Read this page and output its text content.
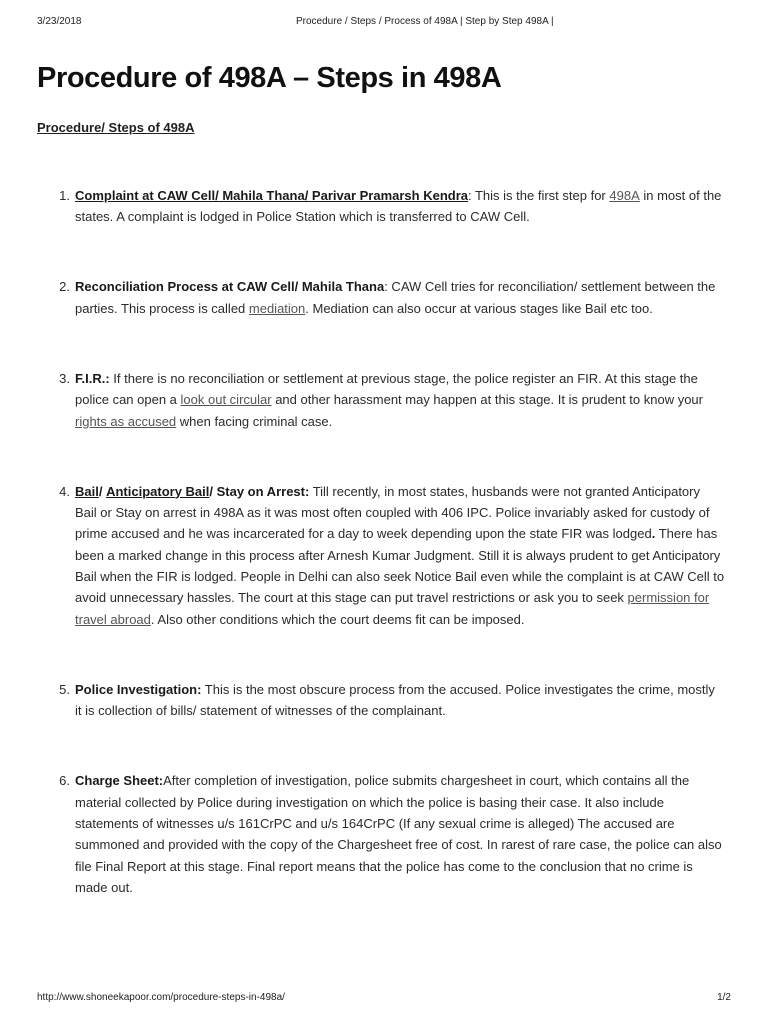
3/23/2018	Procedure / Steps / Process of 498A | Step by Step 498A |
Procedure of 498A – Steps in 498A

Procedure/ Steps of 498A

1. Complaint at CAW Cell/ Mahila Thana/ Parivar Pramarsh Kendra : This is the first step for 498A in most of the
states. A complaint is lodged in Police Station which is transferred to CAW Cell.
2. Reconciliation Process at CAW Cell/ Mahila Thana : CAW Cell tries for reconciliation/ settlement between the
parties. This process is called mediation . Mediation can also occur at various stages like Bail etc too.
3. F.I.R.: If there is no reconciliation or settlement at previous stage, the police register an FIR. At this stage the
police can open a look out circular and other harassment may happen at this stage. It is prudent to know your
rights as accused when facing criminal case.
4. Bail / Anticipatory Bail / Stay on Arrest: Till recently, in most states, husbands were not granted Anticipatory
Bail or Stay on arrest in 498A as it was most often coupled with 406 IPC. Police invariably asked for custody of
prime accused and he was incarcerated for a day to week depending upon the state FIR was lodged . There has
been a marked change in this process after Arnesh Kumar Judgment. Still it is always prudent to get Anticipatory
Bail when the FIR is lodged. People in Delhi can also seek Notice Bail even while the complaint is at CAW Cell to
avoid unnecessary hassles. The court at this stage can put travel restrictions or ask you to seek permission for
travel abroad . Also other conditions which the court deems fit can be imposed.
5. Police Investigation: This is the most obscure process from the accused. Police investigates the crime, mostly
it is collection of bills/ statement of witnesses of the complainant.
6. Charge Sheet: After completion of investigation, police submits chargesheet in court, which contains all the
material collected by Police during investigation on which the police is basing their case. It also include
statements of witnesses u/s 161CrPC and u/s 164CrPC (If any sexual crime is alleged) The accused are
summoned and provided with the copy of the Chargesheet free of cost. In rarest of rare case, the police can also
file Final Report at this stage. Final report means that the police has come to the conclusion that no crime is
made out.
http://www.shoneekapoor.com/procedure-steps-in-498a/	1/2
